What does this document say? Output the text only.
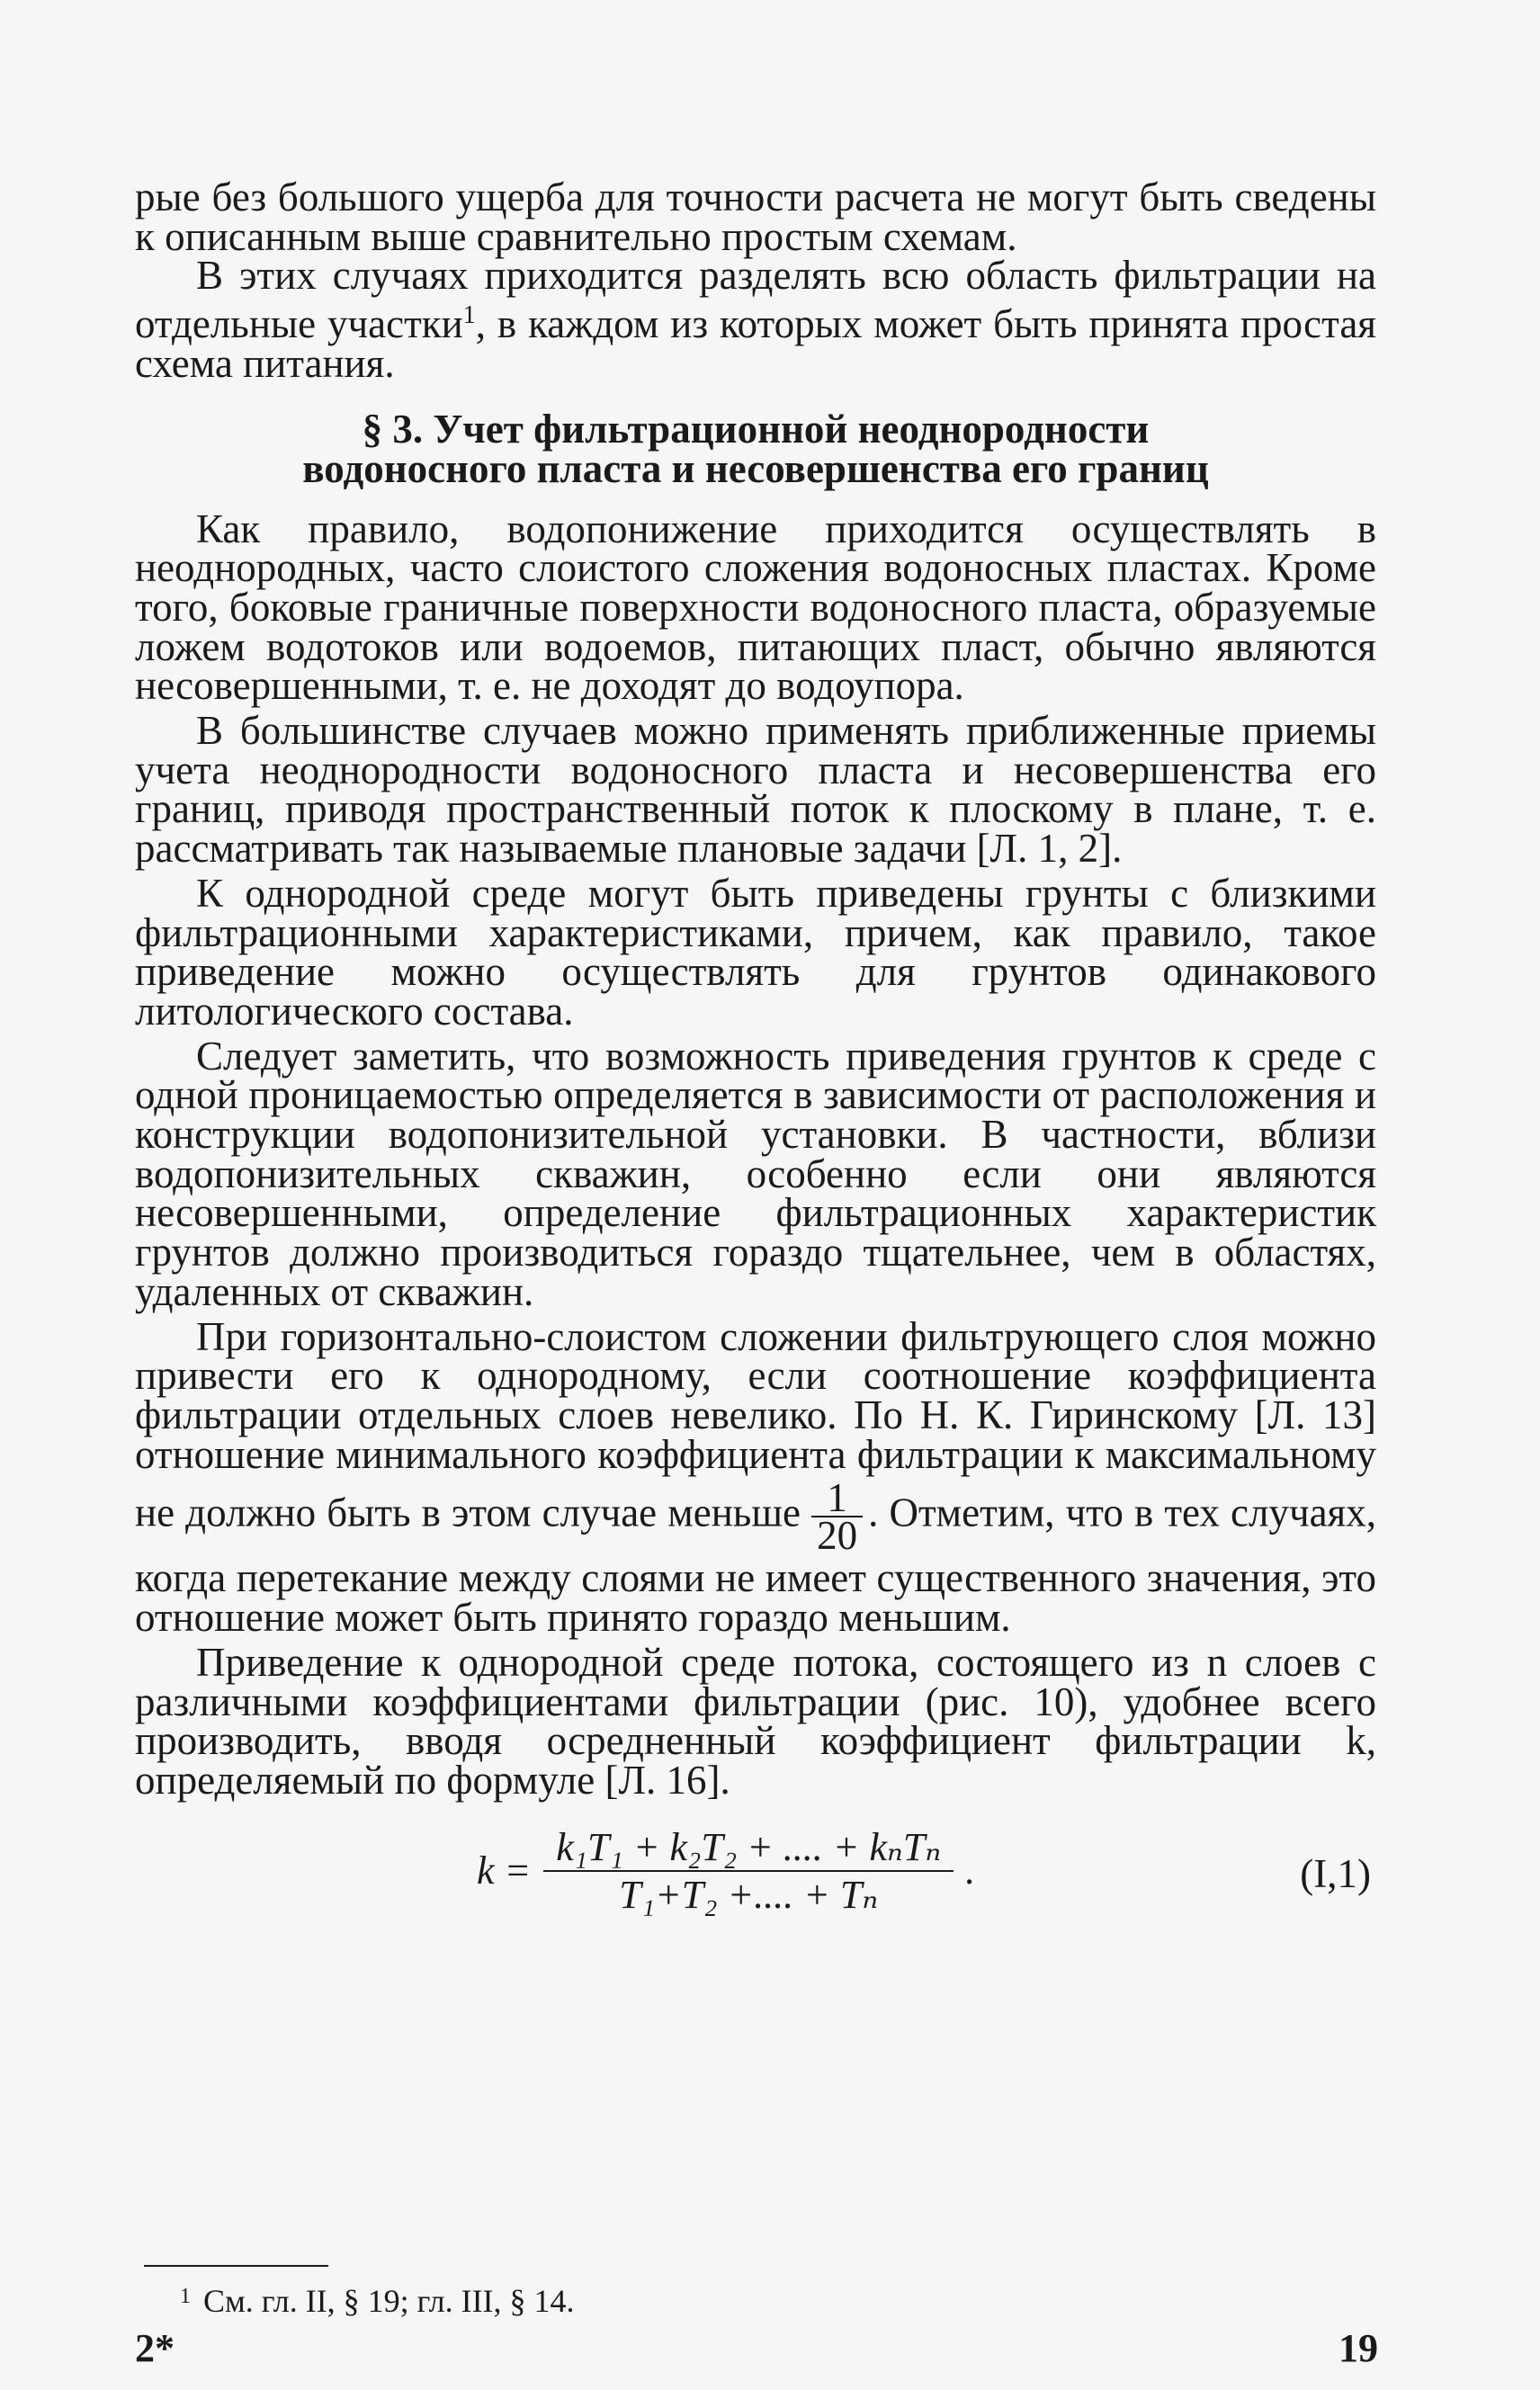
рые без большого ущерба для точности расчета не могут быть сведены к описанным выше сравнительно простым схемам.

В этих случаях приходится разделять всю область фильтрации на отдельные участки$^1$, в каждом из которых может быть принята простая схема питания.

§ 3. Учет фильтрационной неоднородности
водоносного пласта и несовершенства его границ

Как правило, водопонижение приходится осуществлять в неоднородных, часто слоистого сложения водоносных пластах. Кроме того, боковые граничные поверхности водоносного пласта, образуемые ложем водотоков или водоемов, питающих пласт, обычно являются несовершенными, т. е. не доходят до водоупора.

В большинстве случаев можно применять приближенные приемы учета неоднородности водоносного пласта и несовершенства его границ, приводя пространственный поток к плоскому в плане, т. е. рассматривать так называемые плановые задачи [Л. 1, 2].

К однородной среде могут быть приведены грунты с близкими фильтрационными характеристиками, причем, как правило, такое приведение можно осуществлять для грунтов одинакового литологического состава.

Следует заметить, что возможность приведения грунтов к среде с одной проницаемостью определяется в зависимости от расположения и конструкции водопонизительной установки. В частности, вблизи водопонизительных скважин, особенно если они являются несовершенными, определение фильтрационных характеристик грунтов должно производиться гораздо тщательнее, чем в областях, удаленных от скважин.

При горизонтально-слоистом сложении фильтрующего слоя можно привести его к однородному, если соотношение коэффициента фильтрации отдельных слоев невелико. По Н. К. Гиринскому [Л. 13] отношение минимального коэффициента фильтрации к максимальному не должно быть в этом случае меньше $\frac{1}{20}$ . Отметим, что в тех случаях, когда перетекание между слоями не имеет существенного значения, это отношение может быть принято гораздо меньшим.

Приведение к однородной среде потока, состоящего из n слоев с различными коэффициентами фильтрации (рис. 10), удобнее всего производить, вводя осредненный коэффициент фильтрации k, определяемый по формуле [Л. 16].

$k = \frac{\text{k₁T₁ + k₂T₂ + .... + kₙTₙ}}{\text{T₁+T₂ +.... + Tₙ}}$ .	(I,1)
$^1$ См. гл. II, § 19; гл. III, § 14.
2*	19
